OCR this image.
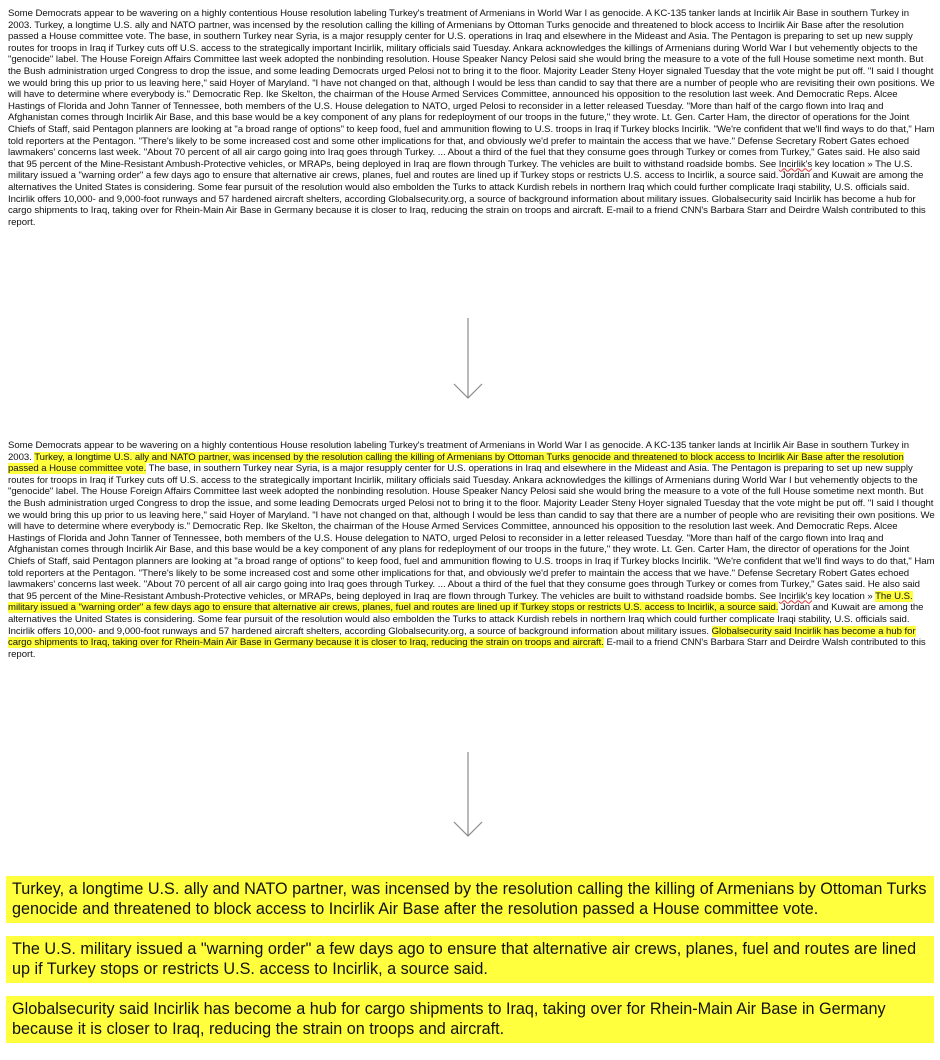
Some Democrats appear to be wavering on a highly contentious House resolution labeling Turkey's treatment of Armenians in World War I as genocide. A KC-135 tanker lands at Incirlik Air Base in southern Turkey in 2003. Turkey, a longtime U.S. ally and NATO partner, was incensed by the resolution calling the killing of Armenians by Ottoman Turks genocide and threatened to block access to Incirlik Air Base after the resolution passed a House committee vote. The base, in southern Turkey near Syria, is a major resupply center for U.S. operations in Iraq and elsewhere in the Mideast and Asia. The Pentagon is preparing to set up new supply routes for troops in Iraq if Turkey cuts off U.S. access to the strategically important Incirlik, military officials said Tuesday. Ankara acknowledges the killings of Armenians during World War I but vehemently objects to the "genocide" label. The House Foreign Affairs Committee last week adopted the nonbinding resolution. House Speaker Nancy Pelosi said she would bring the measure to a vote of the full House sometime next month. But the Bush administration urged Congress to drop the issue, and some leading Democrats urged Pelosi not to bring it to the floor. Majority Leader Steny Hoyer signaled Tuesday that the vote might be put off. "I said I thought we would bring this up prior to us leaving here," said Hoyer of Maryland. "I have not changed on that, although I would be less than candid to say that there are a number of people who are revisiting their own positions. We will have to determine where everybody is." Democratic Rep. Ike Skelton, the chairman of the House Armed Services Committee, announced his opposition to the resolution last week. And Democratic Reps. Alcee Hastings of Florida and John Tanner of Tennessee, both members of the U.S. House delegation to NATO, urged Pelosi to reconsider in a letter released Tuesday. "More than half of the cargo flown into Iraq and Afghanistan comes through Incirlik Air Base, and this base would be a key component of any plans for redeployment of our troops in the future," they wrote. Lt. Gen. Carter Ham, the director of operations for the Joint Chiefs of Staff, said Pentagon planners are looking at "a broad range of options" to keep food, fuel and ammunition flowing to U.S. troops in Iraq if Turkey blocks Incirlik. "We're confident that we'll find ways to do that," Ham told reporters at the Pentagon. "There's likely to be some increased cost and some other implications for that, and obviously we'd prefer to maintain the access that we have." Defense Secretary Robert Gates echoed lawmakers' concerns last week. "About 70 percent of all air cargo going into Iraq goes through Turkey. ... About a third of the fuel that they consume goes through Turkey or comes from Turkey," Gates said. He also said that 95 percent of the Mine-Resistant Ambush-Protective vehicles, or MRAPs, being deployed in Iraq are flown through Turkey. The vehicles are built to withstand roadside bombs. See Incirlik's key location » The U.S. military issued a "warning order" a few days ago to ensure that alternative air crews, planes, fuel and routes are lined up if Turkey stops or restricts U.S. access to Incirlik, a source said. Jordan and Kuwait are among the alternatives the United States is considering. Some fear pursuit of the resolution would also embolden the Turks to attack Kurdish rebels in northern Iraq which could further complicate Iraqi stability, U.S. officials said. Incirlik offers 10,000- and 9,000-foot runways and 57 hardened aircraft shelters, according Globalsecurity.org, a source of background information about military issues. Globalsecurity said Incirlik has become a hub for cargo shipments to Iraq, taking over for Rhein-Main Air Base in Germany because it is closer to Iraq, reducing the strain on troops and aircraft. E-mail to a friend CNN's Barbara Starr and Deirdre Walsh contributed to this report.

Some Democrats appear to be wavering on a highly contentious House resolution labeling Turkey's treatment of Armenians in World War I as genocide. A KC-135 tanker lands at Incirlik Air Base in southern Turkey in 2003. Turkey, a longtime U.S. ally and NATO partner, was incensed by the resolution calling the killing of Armenians by Ottoman Turks genocide and threatened to block access to Incirlik Air Base after the resolution passed a House committee vote. The base, in southern Turkey near Syria, is a major resupply center for U.S. operations in Iraq and elsewhere in the Mideast and Asia. The Pentagon is preparing to set up new supply routes for troops in Iraq if Turkey cuts off U.S. access to the strategically important Incirlik, military officials said Tuesday. Ankara acknowledges the killings of Armenians during World War I but vehemently objects to the "genocide" label. The House Foreign Affairs Committee last week adopted the nonbinding resolution. House Speaker Nancy Pelosi said she would bring the measure to a vote of the full House sometime next month. But the Bush administration urged Congress to drop the issue, and some leading Democrats urged Pelosi not to bring it to the floor. Majority Leader Steny Hoyer signaled Tuesday that the vote might be put off. "I said I thought we would bring this up prior to us leaving here," said Hoyer of Maryland. "I have not changed on that, although I would be less than candid to say that there are a number of people who are revisiting their own positions. We will have to determine where everybody is." Democratic Rep. Ike Skelton, the chairman of the House Armed Services Committee, announced his opposition to the resolution last week. And Democratic Reps. Alcee Hastings of Florida and John Tanner of Tennessee, both members of the U.S. House delegation to NATO, urged Pelosi to reconsider in a letter released Tuesday. "More than half of the cargo flown into Iraq and Afghanistan comes through Incirlik Air Base, and this base would be a key component of any plans for redeployment of our troops in the future," they wrote. Lt. Gen. Carter Ham, the director of operations for the Joint Chiefs of Staff, said Pentagon planners are looking at "a broad range of options" to keep food, fuel and ammunition flowing to U.S. troops in Iraq if Turkey blocks Incirlik. "We're confident that we'll find ways to do that," Ham told reporters at the Pentagon. "There's likely to be some increased cost and some other implications for that, and obviously we'd prefer to maintain the access that we have." Defense Secretary Robert Gates echoed lawmakers' concerns last week. "About 70 percent of all air cargo going into Iraq goes through Turkey. ... About a third of the fuel that they consume goes through Turkey or comes from Turkey," Gates said. He also said that 95 percent of the Mine-Resistant Ambush-Protective vehicles, or MRAPs, being deployed in Iraq are flown through Turkey. The vehicles are built to withstand roadside bombs. See Incirlik's key location » The U.S. military issued a "warning order" a few days ago to ensure that alternative air crews, planes, fuel and routes are lined up if Turkey stops or restricts U.S. access to Incirlik, a source said. Jordan and Kuwait are among the alternatives the United States is considering. Some fear pursuit of the resolution would also embolden the Turks to attack Kurdish rebels in northern Iraq which could further complicate Iraqi stability, U.S. officials said. Incirlik offers 10,000- and 9,000-foot runways and 57 hardened aircraft shelters, according Globalsecurity.org, a source of background information about military issues. Globalsecurity said Incirlik has become a hub for cargo shipments to Iraq, taking over for Rhein-Main Air Base in Germany because it is closer to Iraq, reducing the strain on troops and aircraft. E-mail to a friend CNN's Barbara Starr and Deirdre Walsh contributed to this report.

Turkey, a longtime U.S. ally and NATO partner, was incensed by the resolution calling the killing of Armenians by Ottoman Turks genocide and threatened to block access to Incirlik Air Base after the resolution passed a House committee vote.

The U.S. military issued a "warning order" a few days ago to ensure that alternative air crews, planes, fuel and routes are lined up if Turkey stops or restricts U.S. access to Incirlik, a source said.

Globalsecurity said Incirlik has become a hub for cargo shipments to Iraq, taking over for Rhein-Main Air Base in Germany because it is closer to Iraq, reducing the strain on troops and aircraft.
